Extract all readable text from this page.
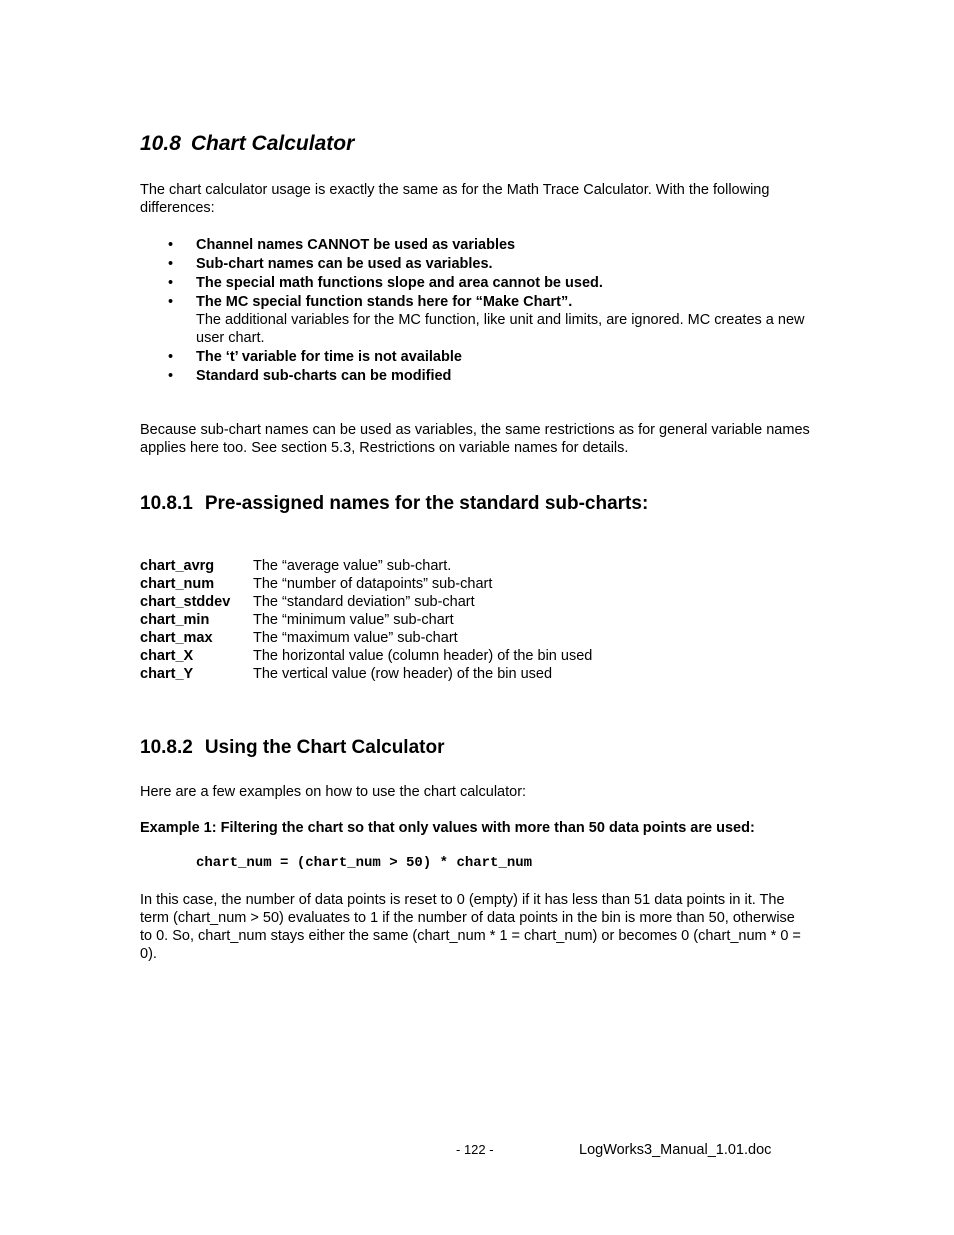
10.8 Chart Calculator

The chart calculator usage is exactly the same as for the Math Trace Calculator. With the following differences:

• Channel names CANNOT be used as variables
• Sub-chart names can be used as variables.
• The special math functions slope and area cannot be used.
• The MC special function stands here for “Make Chart”.
The additional variables for the MC function, like unit and limits, are ignored. MC creates a new user chart.
• The ‘t’ variable for time is not available
• Standard sub-charts can be modified

Because sub-chart names can be used as variables, the same restrictions as for general variable names applies here too. See section 5.3, Restrictions on variable names for details.

10.8.1 Pre-assigned names for the standard sub-charts:
chart_avrg	The “average value” sub-chart.
chart_num	The “number of datapoints” sub-chart
chart_stddev	The “standard deviation” sub-chart
chart_min	The “minimum value” sub-chart
chart_max	The “maximum value” sub-chart
chart_X	The horizontal value (column header) of the bin used
chart_Y	The vertical value (row header) of the bin used
10.8.2 Using the Chart Calculator

Here are a few examples on how to use the chart calculator:

Example 1: Filtering the chart so that only values with more than 50 data points are used:

chart_num = (chart_num > 50) * chart_num

In this case, the number of data points is reset to 0 (empty) if it has less than 51 data points in it. The term (chart_num > 50) evaluates to 1 if the number of data points in the bin is more than 50, otherwise to 0. So, chart_num stays either the same (chart_num * 1 = chart_num) or becomes 0 (chart_num * 0 = 0).

- 122 -	LogWorks3_Manual_1.01.doc
